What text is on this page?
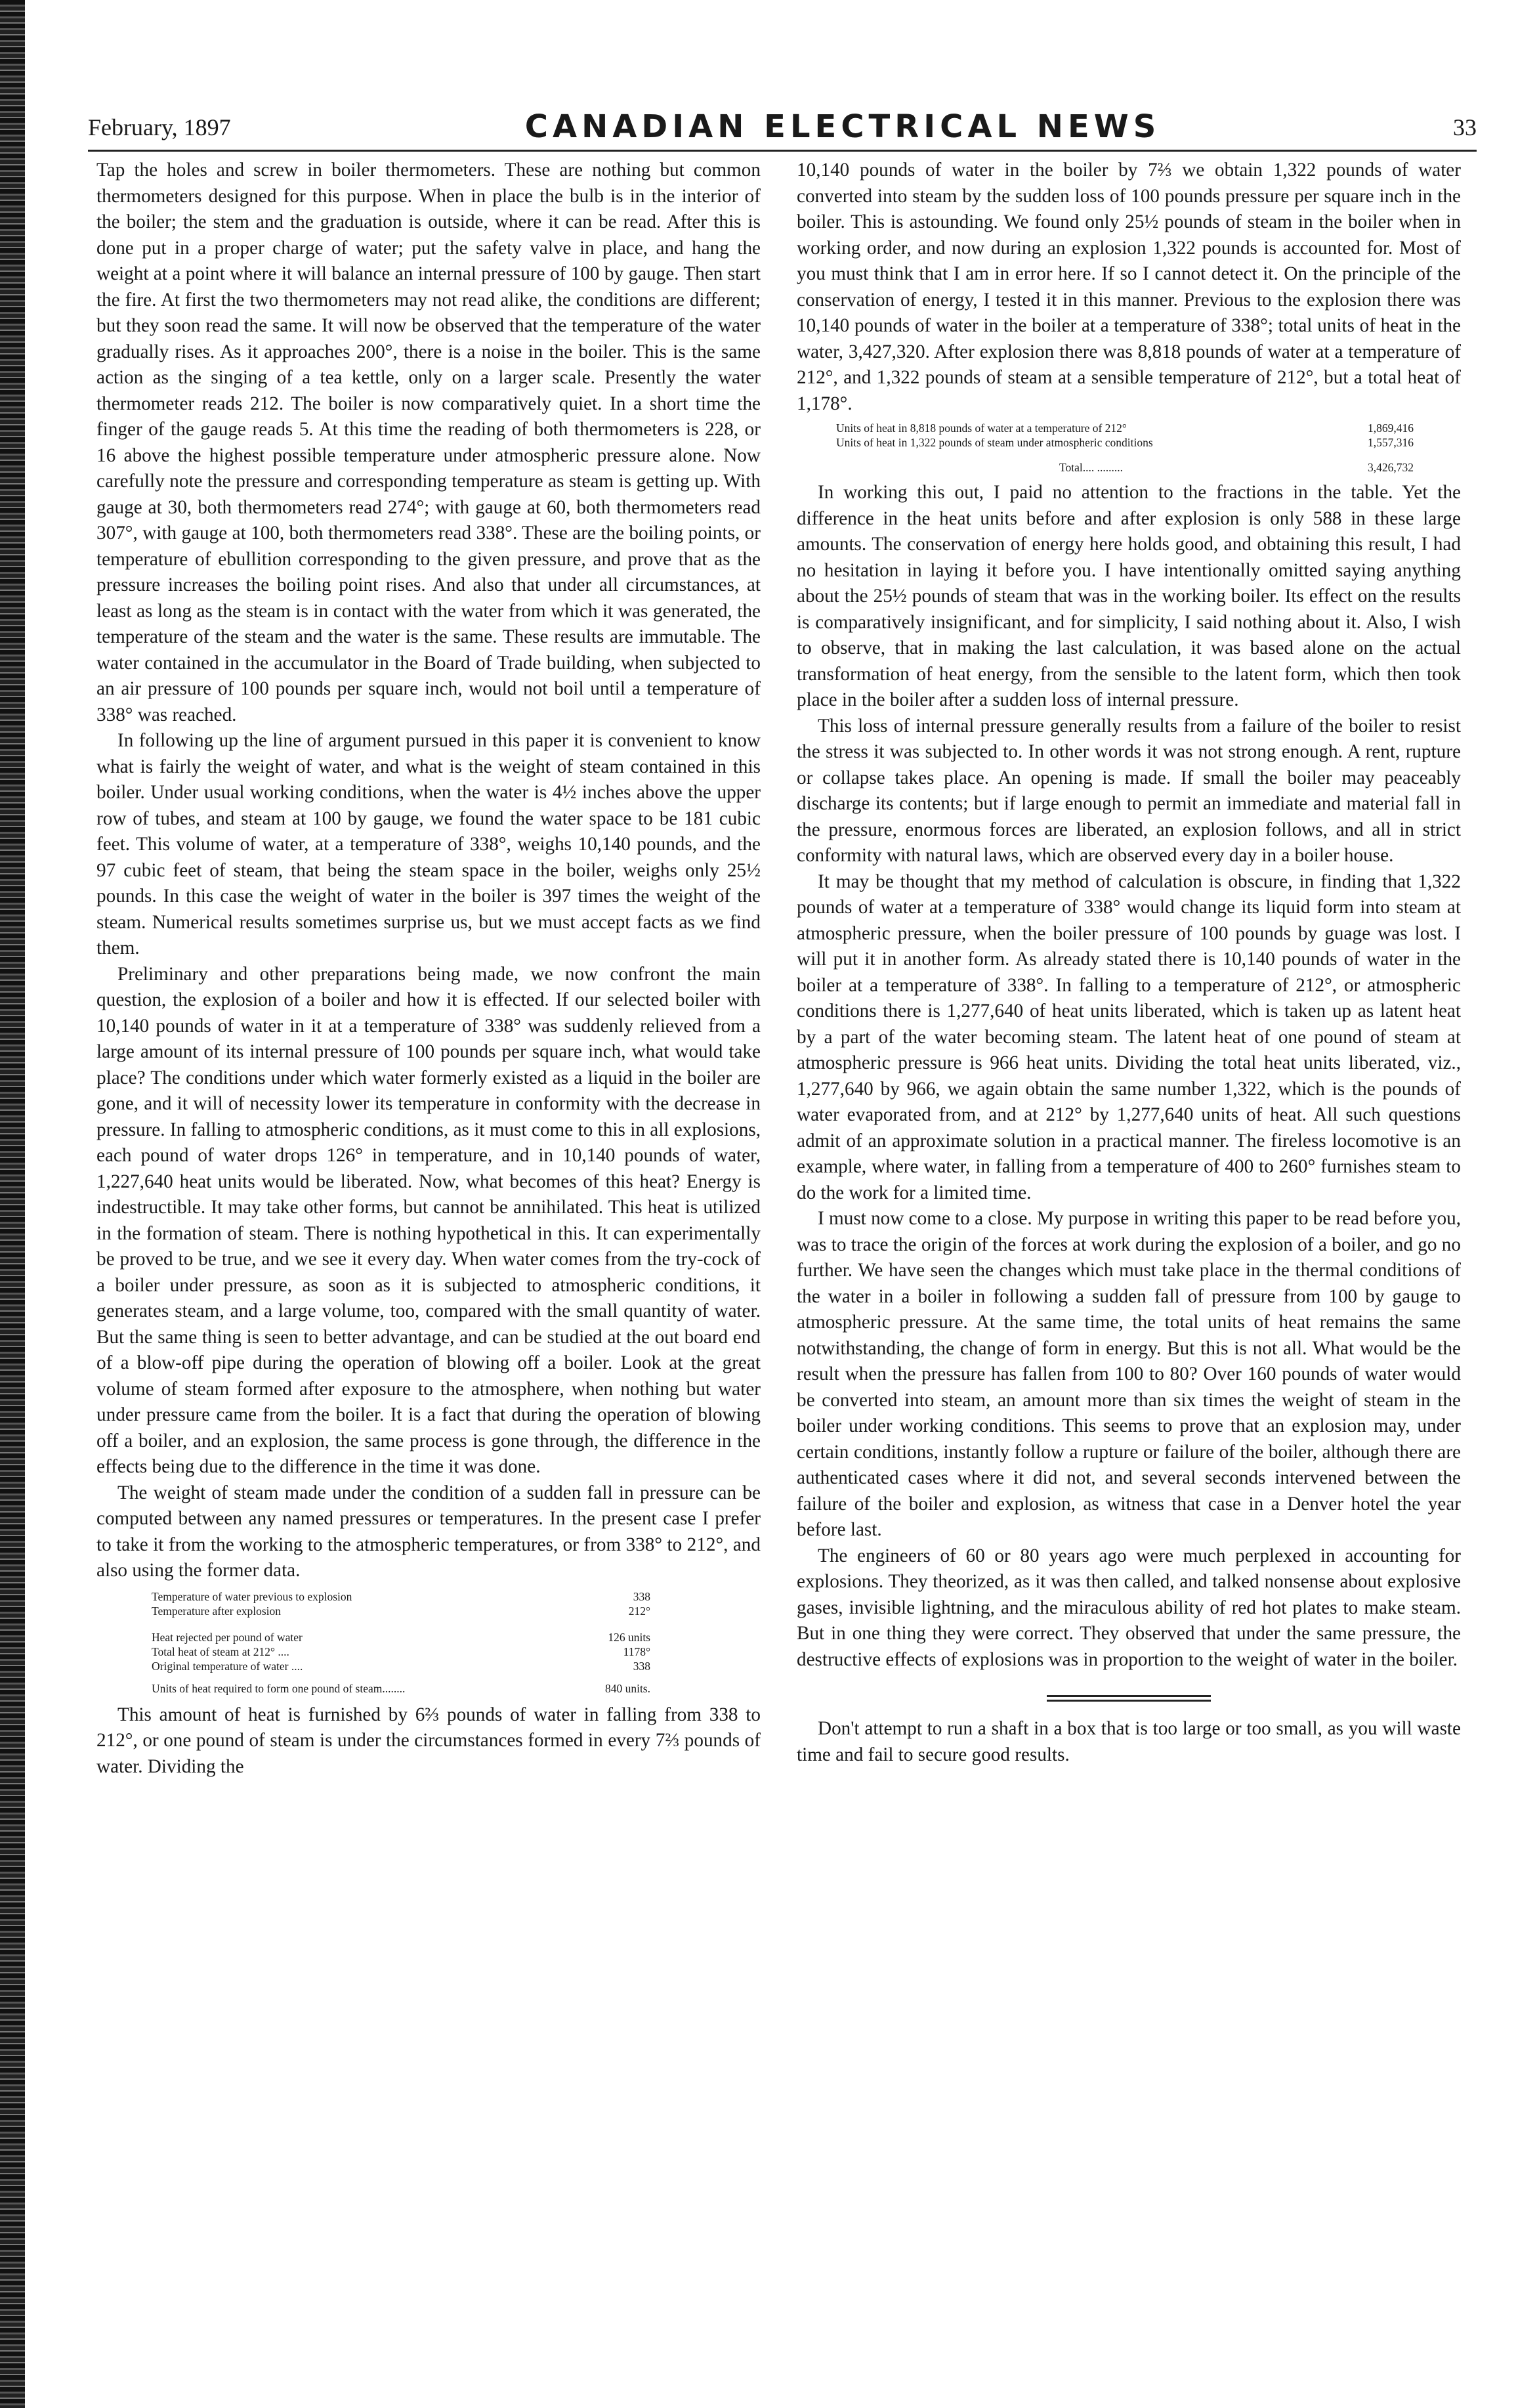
February, 1897	CANADIAN ELECTRICAL NEWS	33

Tap the holes and screw in boiler thermometers. These are nothing but common thermometers designed for this purpose. When in place the bulb is in the interior of the boiler; the stem and the graduation is outside, where it can be read. After this is done put in a proper charge of water; put the safety valve in place, and hang the weight at a point where it will balance an internal pressure of 100 by gauge. Then start the fire. At first the two thermometers may not read alike, the conditions are different; but they soon read the same. It will now be observed that the temperature of the water gradually rises. As it approaches 200°, there is a noise in the boiler. This is the same action as the singing of a tea kettle, only on a larger scale. Presently the water thermometer reads 212. The boiler is now comparatively quiet. In a short time the finger of the gauge reads 5. At this time the reading of both thermometers is 228, or 16 above the highest possible temperature under atmospheric pressure alone. Now carefully note the pressure and corresponding temperature as steam is getting up. With gauge at 30, both thermometers read 274°; with gauge at 60, both thermometers read 307°, with gauge at 100, both thermometers read 338°. These are the boiling points, or temperature of ebullition corresponding to the given pressure, and prove that as the pressure increases the boiling point rises. And also that under all circumstances, at least as long as the steam is in contact with the water from which it was generated, the temperature of the steam and the water is the same. These results are immutable. The water contained in the accumulator in the Board of Trade building, when subjected to an air pressure of 100 pounds per square inch, would not boil until a temperature of 338° was reached.

In following up the line of argument pursued in this paper it is convenient to know what is fairly the weight of water, and what is the weight of steam contained in this boiler. Under usual working conditions, when the water is 4½ inches above the upper row of tubes, and steam at 100 by gauge, we found the water space to be 181 cubic feet. This volume of water, at a temperature of 338°, weighs 10,140 pounds, and the 97 cubic feet of steam, that being the steam space in the boiler, weighs only 25½ pounds. In this case the weight of water in the boiler is 397 times the weight of the steam. Numerical results sometimes surprise us, but we must accept facts as we find them.

Preliminary and other preparations being made, we now confront the main question, the explosion of a boiler and how it is effected. If our selected boiler with 10,140 pounds of water in it at a temperature of 338° was suddenly relieved from a large amount of its internal pressure of 100 pounds per square inch, what would take place? The conditions under which water formerly existed as a liquid in the boiler are gone, and it will of necessity lower its temperature in conformity with the decrease in pressure. In falling to atmospheric conditions, as it must come to this in all explosions, each pound of water drops 126° in temperature, and in 10,140 pounds of water, 1,227,640 heat units would be liberated. Now, what becomes of this heat? Energy is indestructible. It may take other forms, but cannot be annihilated. This heat is utilized in the formation of steam. There is nothing hypothetical in this. It can experimentally be proved to be true, and we see it every day. When water comes from the try-cock of a boiler under pressure, as soon as it is subjected to atmospheric conditions, it generates steam, and a large volume, too, compared with the small quantity of water. But the same thing is seen to better advantage, and can be studied at the out board end of a blow-off pipe during the operation of blowing off a boiler. Look at the great volume of steam formed after exposure to the atmosphere, when nothing but water under pressure came from the boiler. It is a fact that during the operation of blowing off a boiler, and an explosion, the same process is gone through, the difference in the effects being due to the difference in the time it was done.

The weight of steam made under the condition of a sudden fall in pressure can be computed between any named pressures or temperatures. In the present case I prefer to take it from the working to the atmospheric temperatures, or from 338° to 212°, and also using the former data.

Temperature of water previous to explosion	338
Temperature after explosion	212°
Heat rejected per pound of water	126 units
Total heat of steam at 212° ....	1178°
Original temperature of water ....	338
Units of heat required to form one pound of steam........	840 units.

This amount of heat is furnished by 6⅔ pounds of water in falling from 338 to 212°, or one pound of steam is under the circumstances formed in every 7⅔ pounds of water. Dividing the

10,140 pounds of water in the boiler by 7⅔ we obtain 1,322 pounds of water converted into steam by the sudden loss of 100 pounds pressure per square inch in the boiler. This is astounding. We found only 25½ pounds of steam in the boiler when in working order, and now during an explosion 1,322 pounds is accounted for. Most of you must think that I am in error here. If so I cannot detect it. On the principle of the conservation of energy, I tested it in this manner. Previous to the explosion there was 10,140 pounds of water in the boiler at a temperature of 338°; total units of heat in the water, 3,427,320. After explosion there was 8,818 pounds of water at a temperature of 212°, and 1,322 pounds of steam at a sensible temperature of 212°, but a total heat of 1,178°.

Units of heat in 8,818 pounds of water at a temperature of 212°	1,869,416
Units of heat in 1,322 pounds of steam under atmospheric conditions	1,557,316
Total.... .........	3,426,732

In working this out, I paid no attention to the fractions in the table. Yet the difference in the heat units before and after explosion is only 588 in these large amounts. The conservation of energy here holds good, and obtaining this result, I had no hesitation in laying it before you. I have intentionally omitted saying anything about the 25½ pounds of steam that was in the working boiler. Its effect on the results is comparatively insignificant, and for simplicity, I said nothing about it. Also, I wish to observe, that in making the last calculation, it was based alone on the actual transformation of heat energy, from the sensible to the latent form, which then took place in the boiler after a sudden loss of internal pressure.

This loss of internal pressure generally results from a failure of the boiler to resist the stress it was subjected to. In other words it was not strong enough. A rent, rupture or collapse takes place. An opening is made. If small the boiler may peaceably discharge its contents; but if large enough to permit an immediate and material fall in the pressure, enormous forces are liberated, an explosion follows, and all in strict conformity with natural laws, which are observed every day in a boiler house.

It may be thought that my method of calculation is obscure, in finding that 1,322 pounds of water at a temperature of 338° would change its liquid form into steam at atmospheric pressure, when the boiler pressure of 100 pounds by guage was lost. I will put it in another form. As already stated there is 10,140 pounds of water in the boiler at a temperature of 338°. In falling to a temperature of 212°, or atmospheric conditions there is 1,277,640 of heat units liberated, which is taken up as latent heat by a part of the water becoming steam. The latent heat of one pound of steam at atmospheric pressure is 966 heat units. Dividing the total heat units liberated, viz., 1,277,640 by 966, we again obtain the same number 1,322, which is the pounds of water evaporated from, and at 212° by 1,277,640 units of heat. All such questions admit of an approximate solution in a practical manner. The fireless locomotive is an example, where water, in falling from a temperature of 400 to 260° furnishes steam to do the work for a limited time.

I must now come to a close. My purpose in writing this paper to be read before you, was to trace the origin of the forces at work during the explosion of a boiler, and go no further. We have seen the changes which must take place in the thermal conditions of the water in a boiler in following a sudden fall of pressure from 100 by gauge to atmospheric pressure. At the same time, the total units of heat remains the same notwithstanding, the change of form in energy. But this is not all. What would be the result when the pressure has fallen from 100 to 80? Over 160 pounds of water would be converted into steam, an amount more than six times the weight of steam in the boiler under working conditions. This seems to prove that an explosion may, under certain conditions, instantly follow a rupture or failure of the boiler, although there are authenticated cases where it did not, and several seconds intervened between the failure of the boiler and explosion, as witness that case in a Denver hotel the year before last.

The engineers of 60 or 80 years ago were much perplexed in accounting for explosions. They theorized, as it was then called, and talked nonsense about explosive gases, invisible lightning, and the miraculous ability of red hot plates to make steam. But in one thing they were correct. They observed that under the same pressure, the destructive effects of explosions was in proportion to the weight of water in the boiler.

Don't attempt to run a shaft in a box that is too large or too small, as you will waste time and fail to secure good results.
